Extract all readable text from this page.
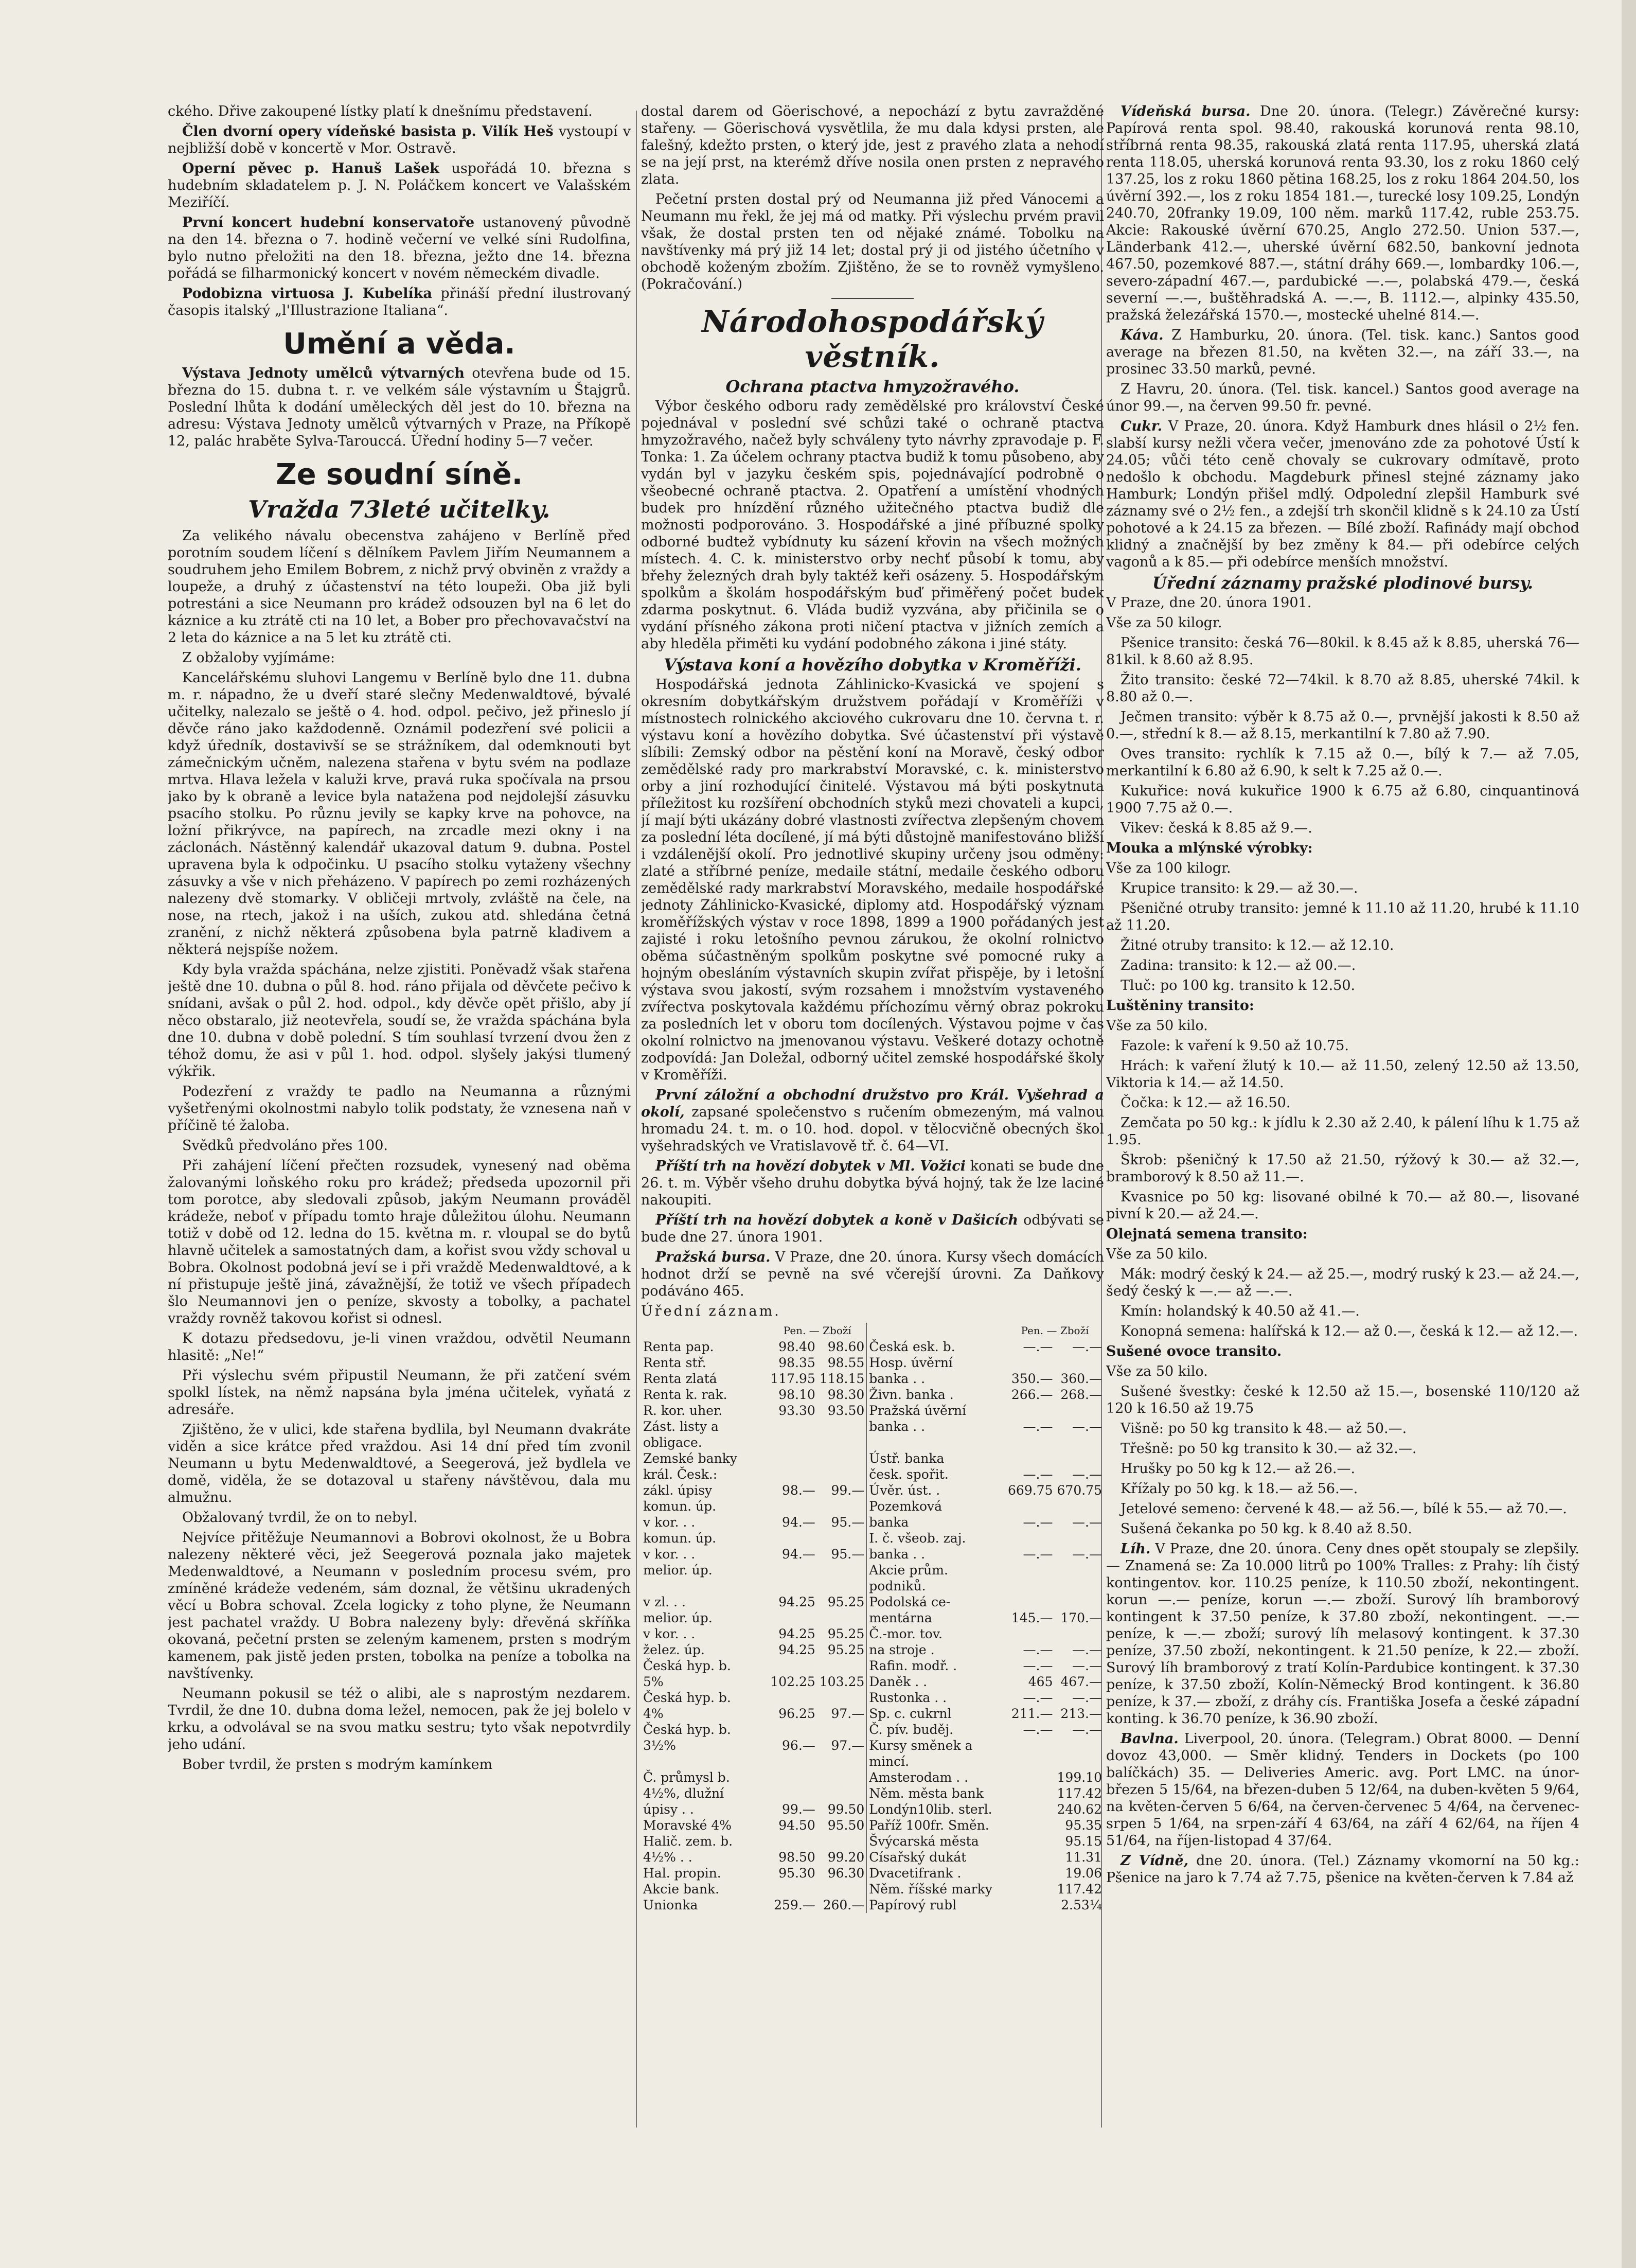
ckého. Dřive zakoupené lístky platí k dnešnímu představení.

Člen dvorní opery vídeňské basista p. Vilík Heš vystoupí v nejbližší době v koncertě v Mor. Ostravě.

Operní pěvec p. Hanuš Lašek uspořádá 10. března s hudebním skladatelem p. J. N. Poláčkem koncert ve Valašském Meziříčí.

První koncert hudební konservatoře ustanovený původně na den 14. března o 7. hodině večerní ve velké síni Rudolfina, bylo nutno přeložiti na den 18. března, ježto dne 14. března pořádá se filharmonický koncert v novém německém divadle.

Podobizna virtuosa J. Kubelíka přináší přední ilustrovaný časopis italský „l'Illustrazione Italiana“.

Umění a věda.

Výstava Jednoty umělců výtvarných otevřena bude od 15. března do 15. dubna t. r. ve velkém sále výstavním u Štajgrů. Poslední lhůta k dodání uměleckých děl jest do 10. března na adresu: Výstava Jednoty umělců výtvarných v Praze, na Příkopě 12, palác hraběte Sylva-Tarouccá. Úřední hodiny 5—7 večer.

Ze soudní síně.
Vražda 73leté učitelky.

Za velikého návalu obecenstva zahájeno v Berlíně před porotním soudem líčení s dělníkem Pavlem Jiřím Neumannem a soudruhem jeho Emilem Bobrem, z nichž prvý obviněn z vraždy a loupeže, a druhý z účastenství na této loupeži. Oba již byli potrestáni a sice Neumann pro krádež odsouzen byl na 6 let do káznice a ku ztrátě cti na 10 let, a Bober pro přechovavačství na 2 leta do káznice a na 5 let ku ztrátě cti.

Z obžaloby vyjímáme:

Kancelářskému sluhovi Langemu v Berlíně bylo dne 11. dubna m. r. nápadno, že u dveří staré slečny Medenwaldtové, bývalé učitelky, nalezalo se ještě o 4. hod. odpol. pečivo, jež přineslo jí děvče ráno jako každodenně. Oznámil podezření své policii a když úředník, dostavivší se se strážníkem, dal odemknouti byt zámečnickým učněm, nalezena stařena v bytu svém na podlaze mrtva. Hlava ležela v kaluži krve, pravá ruka spočívala na prsou jako by k obraně a levice byla natažena pod nejdolejší zásuvku psacího stolku. Po různu jevily se kapky krve na pohovce, na ložní přikrývce, na papírech, na zrcadle mezi okny i na záclonách. Nástěnný kalendář ukazoval datum 9. dubna. Postel upravena byla k odpočinku. U psacího stolku vytaženy všechny zásuvky a vše v nich přeházeno. V papírech po zemi rozházených nalezeny dvě stomarky. V obličeji mrtvoly, zvláště na čele, na nose, na rtech, jakož i na uších, zukou atd. shledána četná zranění, z nichž některá způsobena byla patrně kladivem a některá nejspíše nožem.

Kdy byla vražda spáchána, nelze zjistiti. Poněvadž však stařena ještě dne 10. dubna o půl 8. hod. ráno přijala od děvčete pečivo k snídani, avšak o půl 2. hod. odpol., kdy děvče opět přišlo, aby jí něco obstaralo, již neotevřela, soudí se, že vražda spáchána byla dne 10. dubna v době polední. S tím souhlasí tvrzení dvou žen z téhož domu, že asi v půl 1. hod. odpol. slyšely jakýsi tlumený výkřik.

Podezření z vraždy te padlo na Neumanna a různými vyšetřenými okolnostmi nabylo tolik podstaty, že vznesena naň v příčině té žaloba.

Svědků předvoláno přes 100.

Při zahájení líčení přečten rozsudek, vynesený nad oběma žalovanými loňského roku pro krádež; předseda upozornil při tom porotce, aby sledovali způsob, jakým Neumann prováděl krádeže, neboť v případu tomto hraje důležitou úlohu. Neumann totiž v době od 12. ledna do 15. května m. r. vloupal se do bytů hlavně učitelek a samostatných dam, a kořist svou vždy schoval u Bobra. Okolnost podobná jeví se i při vraždě Medenwaldtové, a k ní přistupuje ještě jiná, závažnější, že totiž ve všech případech šlo Neumannovi jen o peníze, skvosty a tobolky, a pachatel vraždy rovněž takovou kořist si odnesl.

K dotazu předsedovu, je-li vinen vraždou, odvětil Neumann hlasitě: „Ne!“

Při výslechu svém připustil Neumann, že při zatčení svém spolkl lístek, na němž napsána byla jména učitelek, vyňatá z adresáře.

Zjištěno, že v ulici, kde stařena bydlila, byl Neumann dvakráte viděn a sice krátce před vraždou. Asi 14 dní před tím zvonil Neumann u bytu Medenwaldtové, a Seegerová, jež bydlela ve domě, viděla, že se dotazoval u stařeny návštěvou, dala mu almužnu.

Obžalovaný tvrdil, že on to nebyl.

Nejvíce přitěžuje Neumannovi a Bobrovi okolnost, že u Bobra nalezeny některé věci, jež Seegerová poznala jako majetek Medenwaldtové, a Neumann v posledním procesu svém, pro zmíněné krádeže vedeném, sám doznal, že většinu ukradených věcí u Bobra schoval. Zcela logicky z toho plyne, že Neumann jest pachatel vraždy. U Bobra nalezeny byly: dřevěná skříňka okovaná, pečetní prsten se zeleným kamenem, prsten s modrým kamenem, pak jistě jeden prsten, tobolka na peníze a tobolka na navštívenky.

Neumann pokusil se též o alibi, ale s naprostým nezdarem. Tvrdil, že dne 10. dubna doma ležel, nemocen, pak že jej bolelo v krku, a odvolával se na svou matku sestru; tyto však nepotvrdily jeho udání.

Bober tvrdil, že prsten s modrým kamínkem

dostal darem od Göerischové, a nepochází z bytu zavražděné stařeny. — Göerischová vysvětlila, že mu dala kdysi prsten, ale falešný, kdežto prsten, o který jde, jest z pravého zlata a nehodí se na její prst, na kterémž dříve nosila onen prsten z nepravého zlata.

Pečetní prsten dostal prý od Neumanna již před Vánocemi a Neumann mu řekl, že jej má od matky. Při výslechu prvém pravil však, že dostal prsten ten od nějaké známé. Tobolku na navštívenky má prý již 14 let; dostal prý ji od jistého účetního v obchodě koženým zbožím. Zjištěno, že se to rovněž vymyšleno. (Pokračování.)

Národohospodářský věstník.
Ochrana ptactva hmyzožravého.

Výbor českého odboru rady zemědělské pro království České pojednával v poslední své schůzi také o ochraně ptactva hmyzožravého, načež byly schváleny tyto návrhy zpravodaje p. F. Tonka: 1. Za účelem ochrany ptactva budiž k tomu působeno, aby vydán byl v jazyku českém spis, pojednávající podrobně o všeobecné ochraně ptactva. 2. Opatření a umístění vhodných budek pro hnízdění různého užitečného ptactva budiž dle možnosti podporováno. 3. Hospodářské a jiné příbuzné spolky odborné budtež vybídnuty ku sázení křovin na všech možných místech. 4. C. k. ministerstvo orby nechť působí k tomu, aby břehy železných drah byly taktéž keři osázeny. 5. Hospodářským spolkům a školám hospodářským buď přiměřený počet budek zdarma poskytnut. 6. Vláda budiž vyzvána, aby přičinila se o vydání přísného zákona proti ničení ptactva v jižních zemích a aby hleděla přiměti ku vydání podobného zákona i jiné státy.

Výstava koní a hovězího dobytka v Kroměříži.

Hospodářská jednota Záhlinicko-Kvasická ve spojení s okresním dobytkářským družstvem pořádají v Kroměříži v místnostech rolnického akciového cukrovaru dne 10. června t. r. výstavu koní a hovězího dobytka. Své účastenství při výstavě slíbili: Zemský odbor na pěstění koní na Moravě, český odbor zemědělské rady pro markrabství Moravské, c. k. ministerstvo orby a jiní rozhodující činitelé. Výstavou má býti poskytnuta příležitost ku rozšíření obchodních styků mezi chovateli a kupci, jí mají býti ukázány dobré vlastnosti zvířectva zlepšeným chovem za poslední léta docílené, jí má býti důstojně manifestováno bližší i vzdálenější okolí. Pro jednotlivé skupiny určeny jsou odměny: zlaté a stříbrné peníze, medaile státní, medaile českého odboru zemědělské rady markrabství Moravského, medaile hospodářské jednoty Záhlinicko-Kvasické, diplomy atd. Hospodářský význam kroměřížských výstav v roce 1898, 1899 a 1900 pořádaných jest zajisté i roku letošního pevnou zárukou, že okolní rolnictvo oběma súčastněným spolkům poskytne své pomocné ruky a hojným obesláním výstavních skupin zvířat přispěje, by i letošní výstava svou jakostí, svým rozsahem i množstvím vystaveného zvířectva poskytovala každému příchozímu věrný obraz pokroku za posledních let v oboru tom docílených. Výstavou pojme v čas okolní rolnictvo na jmenovanou výstavu. Veškeré dotazy ochotně zodpovídá: Jan Doležal, odborný učitel zemské hospodářské školy v Kroměříži.

První záložní a obchodní družstvo pro Král. Vyšehrad a okolí, zapsané společenstvo s ručením obmezeným, má valnou hromadu 24. t. m. o 10. hod. dopol. v tělocvičně obecných škol vyšehradských ve Vratislavově tř. č. 64—VI.

Příští trh na hovězí dobytek v Ml. Vožici konati se bude dne 26. t. m. Výběr všeho druhu dobytka bývá hojný, tak že lze laciné nakoupiti.

Příští trh na hovězí dobytek a koně v Dašicích odbývati se bude dne 27. února 1901.

Pražská bursa. V Praze, dne 20. února. Kursy všech domácích hodnot drží se pevně na své včerejší úrovni. Za Daňkovy podáváno 465.

Úřední záznam.

	Pen. — Zboží			Pen. — Zboží	
Renta pap.	98.40	98.60	Česká esk. b.	—.—	—.—
Renta stř.	98.35	98.55	Hosp. úvěrní		
Renta zlatá	117.95	118.15	banka . .	350.—	360.—
Renta k. rak.	98.10	98.30	Živn. banka .	266.—	268.—
R. kor. uher.	93.30	93.50	Pražská úvěrní		
Zást. listy a obligace.			banka . .	—.—	—.—
Zemské banky			Ústř. banka		
král. Česk.:			česk. spořit.	—.—	—.—
zákl. úpisy	98.—	99.—	Úvěr. úst. .	669.75	670.75
komun. úp.			Pozemková		
v kor. . .	94.—	95.—	banka	—.—	—.—
komun. úp.			I. č. všeob. zaj.		
v kor. . .	94.—	95.—	banka . .	—.—	—.—
melior. úp.			Akcie prům. podniků.		
v zl. . .	94.25	95.25	Podolská ce-		
melior. úp.			mentárna	145.—	170.—
v kor. . .	94.25	95.25	Č.-mor. tov.		
želez. úp.	94.25	95.25	na stroje .	—.—	—.—
Česká hyp. b.			Rafin. modř. .	—.—	—.—
5%	102.25	103.25	Daněk . .	465	467.—
Česká hyp. b.			Rustonka . .	—.—	—.—
4%	96.25	97.—	Sp. c. cukrnl	211.—	213.—
Česká hyp. b.			Č. pív. buděj.	—.—	—.—
3½%	96.—	97.—	Kursy směnek a mincí.		
Č. průmysl b.			Amsterodam . .		199.10
4½%, dlužní			Něm. města bank		117.42
úpisy . .	99.—	99.50	Londýn10lib. sterl.		240.62
Moravské 4%	94.50	95.50	Paříž 100fr. Směn.		95.35
Halič. zem. b.			Švýcarská města		95.15
4½% . .	98.50	99.20	Císařský dukát		11.31
Hal. propin.	95.30	96.30	Dvacetifrank .		19.06
Akcie bank.			Něm. říšské marky		117.42
Unionka	259.—	260.—	Papírový rubl		2.53¼

Vídeňská bursa. Dne 20. února. (Telegr.) Závěrečné kursy: Papírová renta spol. 98.40, rakouská korunová renta 98.10, stříbrná renta 98.35, rakouská zlatá renta 117.95, uherská zlatá renta 118.05, uherská korunová renta 93.30, los z roku 1860 celý 137.25, los z roku 1860 pětina 168.25, los z roku 1864 204.50, los úvěrní 392.—, los z roku 1854 181.—, turecké losy 109.25, Londýn 240.70, 20franky 19.09, 100 něm. marků 117.42, ruble 253.75. Akcie: Rakouské úvěrní 670.25, Anglo 272.50. Union 537.—, Länderbank 412.—, uherské úvěrní 682.50, bankovní jednota 467.50, pozemkové 887.—, státní dráhy 669.—, lombardky 106.—, severo-západní 467.—, pardubické —.—, polabská 479.—, česká severní —.—, buštěhradská A. —.—, B. 1112.—, alpinky 435.50, pražská železářská 1570.—, mostecké uhelné 814.—.

Káva. Z Hamburku, 20. února. (Tel. tisk. kanc.) Santos good average na březen 81.50, na květen 32.—, na září 33.—, na prosinec 33.50 marků, pevné.

Z Havru, 20. února. (Tel. tisk. kancel.) Santos good average na únor 99.—, na červen 99.50 fr. pevné.

Cukr. V Praze, 20. února. Když Hamburk dnes hlásil o 2½ fen. slabší kursy nežli včera večer, jmenováno zde za pohotové Ústí k 24.05; vůči této ceně chovaly se cukrovary odmítavě, proto nedošlo k obchodu. Magdeburk přinesl stejné záznamy jako Hamburk; Londýn přišel mdlý. Odpolední zlepšil Hamburk své záznamy své o 2½ fen., a zdejší trh skončil klidně s k 24.10 za Ústí pohotové a k 24.15 za březen. — Bílé zboží. Rafinády mají obchod klidný a značnější by bez změny k 84.— při odebírce celých vagonů a k 85.— při odebírce menších množství.

Úřední záznamy pražské plodinové bursy.

V Praze, dne 20. února 1901.

Vše za 50 kilogr.

Pšenice transito: česká 76—80kil. k 8.45 až k 8.85, uherská 76—81kil. k 8.60 až 8.95.

Žito transito: české 72—74kil. k 8.70 až 8.85, uherské 74kil. k 8.80 až 0.—.

Ječmen transito: výběr k 8.75 až 0.—, prvnější jakosti k 8.50 až 0.—, střední k 8.— až 8.15, merkantilní k 7.80 až 7.90.

Oves transito: rychlík k 7.15 až 0.—, bílý k 7.— až 7.05, merkantilní k 6.80 až 6.90, k selt k 7.25 až 0.—.

Kukuřice: nová kukuřice 1900 k 6.75 až 6.80, cinquantinová 1900 7.75 až 0.—.

Vikev: česká k 8.85 až 9.—.

Mouka a mlýnské výrobky:

Vše za 100 kilogr.

Krupice transito: k 29.— až 30.—.

Pšeničné otruby transito: jemné k 11.10 až 11.20, hrubé k 11.10 až 11.20.

Žitné otruby transito: k 12.— až 12.10.

Zadina: transito: k 12.— až 00.—.

Tluč: po 100 kg. transito k 12.50.

Luštěniny transito:

Vše za 50 kilo.

Fazole: k vaření k 9.50 až 10.75.

Hrách: k vaření žlutý k 10.— až 11.50, zelený 12.50 až 13.50, Viktoria k 14.— až 14.50.

Čočka: k 12.— až 16.50.

Zemčata po 50 kg.: k jídlu k 2.30 až 2.40, k pálení líhu k 1.75 až 1.95.

Škrob: pšeničný k 17.50 až 21.50, rýžový k 30.— až 32.—, bramborový k 8.50 až 11.—.

Kvasnice po 50 kg: lisované obilné k 70.— až 80.—, lisované pivní k 20.— až 24.—.

Olejnatá semena transito:

Vše za 50 kilo.

Mák: modrý český k 24.— až 25.—, modrý ruský k 23.— až 24.—, šedý český k —.— až —.—.

Kmín: holandský k 40.50 až 41.—.

Konopná semena: halířská k 12.— až 0.—, česká k 12.— až 12.—.

Sušené ovoce transito.

Vše za 50 kilo.

Sušené švestky: české k 12.50 až 15.—, bosenské 110/120 až 120 k 16.50 až 19.75

Višně: po 50 kg transito k 48.— až 50.—.

Třešně: po 50 kg transito k 30.— až 32.—.

Hrušky po 50 kg k 12.— až 26.—.

Křížaly po 50 kg. k 18.— až 56.—.

Jetelové semeno: červené k 48.— až 56.—, bílé k 55.— až 70.—.

Sušená čekanka po 50 kg. k 8.40 až 8.50.

Líh. V Praze, dne 20. února. Ceny dnes opět stoupaly se zlepšily. — Znamená se: Za 10.000 litrů po 100% Tralles: z Prahy: líh čistý kontingentov. kor. 110.25 peníze, k 110.50 zboží, nekontingent. korun —.— peníze, korun —.— zboží. Surový líh bramborový kontingent k 37.50 peníze, k 37.80 zboží, nekontingent. —.— peníze, k —.— zboží; surový líh melasový kontingent. k 37.30 peníze, 37.50 zboží, nekontingent. k 21.50 peníze, k 22.— zboží. Surový líh bramborový z tratí Kolín-Pardubice kontingent. k 37.30 peníze, k 37.50 zboží, Kolín-Německý Brod kontingent. k 36.80 peníze, k 37.— zboží, z dráhy cís. Františka Josefa a české západní konting. k 36.70 peníze, k 36.90 zboží.

Bavlna. Liverpool, 20. února. (Telegram.) Obrat 8000. — Denní dovoz 43,000. — Směr klidný. Tenders in Dockets (po 100 balíčkách) 35. — Deliveries Americ. avg. Port LMC. na únor-březen 5 15/64, na březen-duben 5 12/64, na duben-květen 5 9/64, na květen-červen 5 6/64, na červen-červenec 5 4/64, na červenec-srpen 5 1/64, na srpen-září 4 63/64, na září 4 62/64, na říjen 4 51/64, na říjen-listopad 4 37/64.

Z Vídně, dne 20. února. (Tel.) Záznamy vkomorní na 50 kg.: Pšenice na jaro k 7.74 až 7.75, pšenice na květen-červen k 7.84 až
